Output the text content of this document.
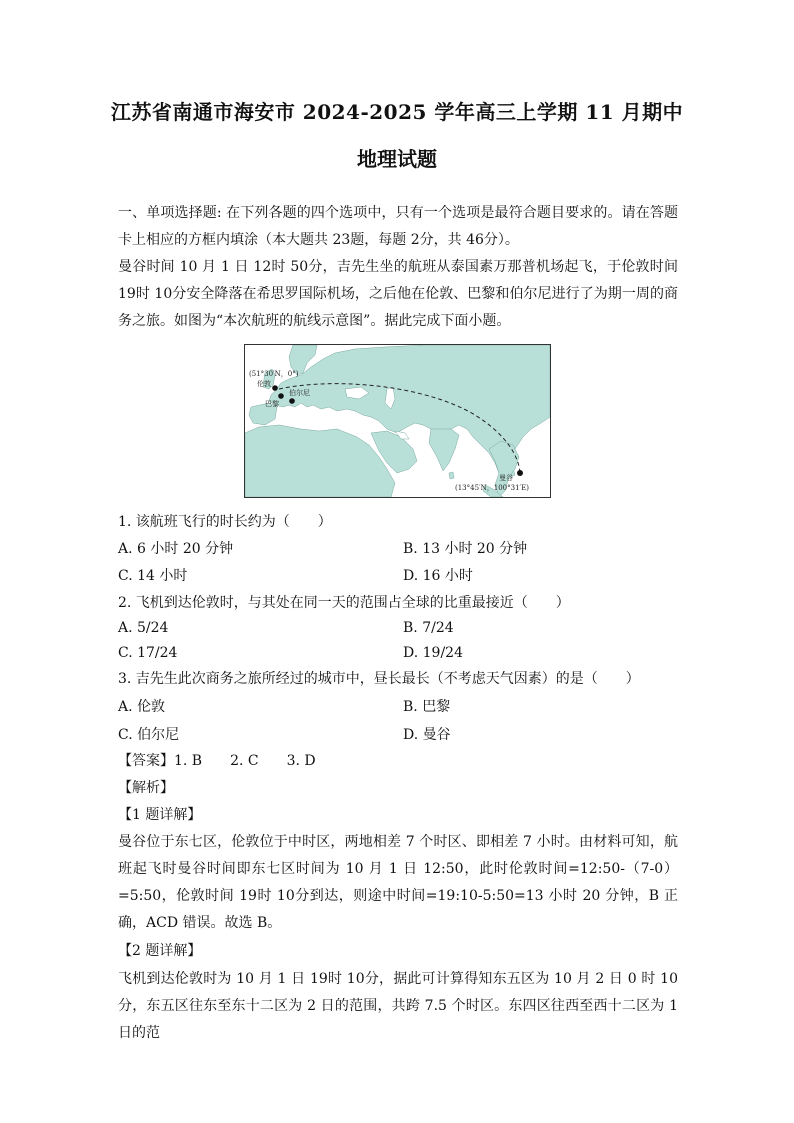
江苏省南通市海安市 2024-2025 学年高三上学期 11 月期中
地理试题
一、单项选择题: 在下列各题的四个选项中，只有一个选项是最符合题目要求的。请在答题卡上相应的方框内填涂（本大题共 23题，每题 2分，共 46分）。
曼谷时间 10 月 1 日 12时 50分，吉先生坐的航班从泰国素万那普机场起飞，于伦敦时间 19时 10分安全降落在希思罗国际机场，之后他在伦敦、巴黎和伯尔尼进行了为期一周的商务之旅。如图为“本次航班的航线示意图”。据此完成下面小题。
(51°30′N，0°)
伦敦
巴黎
伯尔尼
曼谷
(13°45′N，100°31′E)
1. 该航班飞行的时长约为（　　）
A. 6 小时 20 分钟	B. 13 小时 20 分钟
C. 14 小时	D. 16 小时
2. 飞机到达伦敦时，与其处在同一天的范围占全球的比重最接近（　　）
A. 5/24	B. 7/24
C. 17/24	D. 19/24
3. 吉先生此次商务之旅所经过的城市中，昼长最长（不考虑天气因素）的是（　　）
A. 伦敦	B. 巴黎
C. 伯尔尼	D. 曼谷
【答案】1. B　　2. C　　3. D
【解析】
【1 题详解】
曼谷位于东七区，伦敦位于中时区，两地相差 7 个时区、即相差 7 小时。由材料可知，航班起飞时曼谷时间即东七区时间为 10 月 1 日 12:50，此时伦敦时间=12:50-（7-0）=5:50，伦敦时间 19时 10分到达，则途中时间=19:10-5:50=13 小时 20 分钟，B 正确，ACD 错误。故选 B。
【2 题详解】
飞机到达伦敦时为 10 月 1 日 19时 10分，据此可计算得知东五区为 10 月 2 日 0 时 10 分，东五区往东至东十二区为 2 日的范围，共跨 7.5 个时区。东四区往西至西十二区为 1 日的范
